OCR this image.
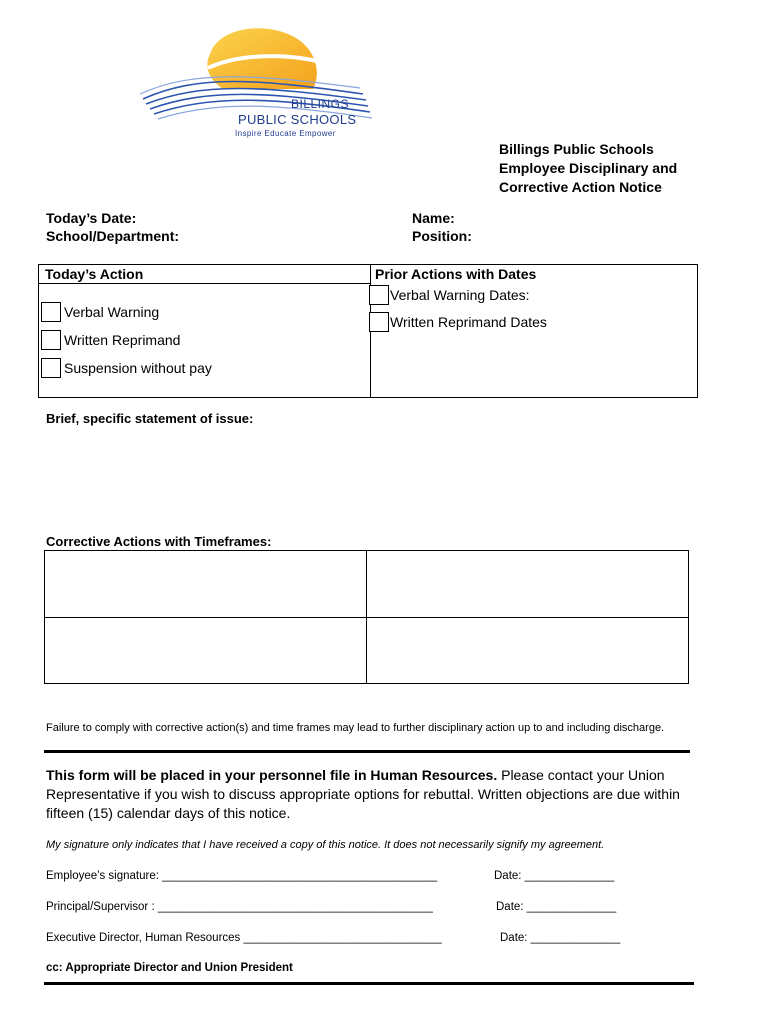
BILLINGS
PUBLIC SCHOOLS
Inspire Educate Empower
Billings Public Schools
Employee Disciplinary and
Corrective Action Notice
Today’s Date:
School/Department:
Name:
Position:
Today’s Action
Verbal Warning
Written Reprimand
Suspension without pay
Prior Actions with Dates
Verbal Warning Dates:
Written Reprimand Dates
Brief, specific statement of issue:
Corrective Actions with Timeframes:
Failure to comply with corrective action(s) and time frames may lead to further disciplinary action up to and including discharge.
This form will be placed in your personnel file in Human Resources. Please contact your Union Representative if you wish to discuss appropriate options for rebuttal. Written objections are due within fifteen (15) calendar days of this notice.
My signature only indicates that I have received a copy of this notice. It does not necessarily signify my agreement.
Employee’s signature: ___________________________________________	Date: ______________
Principal/Supervisor : ___________________________________________	Date: ______________
Executive Director, Human Resources _______________________________	Date: ______________
cc: Appropriate Director and Union President
